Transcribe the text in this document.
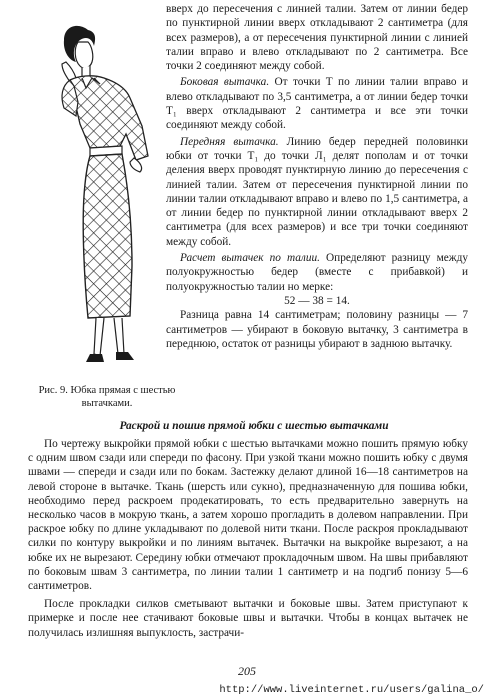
Рис. 9. Юбка прямая с шестью вытачками.

вверх до пересечения с линией талии. Затем от линии бедер по пунктирной линии вверх откладывают 2 сантиметра (для всех размеров), а от пересечения пунктирной линии с линией талии вправо и влево откладывают по 2 сантиметра. Все точки 2 соединяют между собой.

Боковая вытачка. От точки Т по линии талии вправо и влево откладывают по 3,5 сантиметра, а от линии бедер точки Т₁ вверх откладывают 2 сантиметра и все эти точки соединяют между собой.

Передняя вытачка. Линию бедер передней половинки юбки от точки Т₁ до точки Л₁ делят пополам и от точки деления вверх проводят пунктирную линию до пересечения с линией талии. Затем от пересечения пунктирной линии по линии талии откладывают вправо и влево по 1,5 сантиметра, а от линии бедер по пунктирной линии откладывают вверх 2 сантиметра (для всех размеров) и все три точки соединяют между собой.

Расчет вытачек по талии. Определяют разницу между полуокружностью бедер (вместе с прибавкой) и полуокружностью талии но мерке:

52 — 38 = 14.

Разница равна 14 сантиметрам; половину разницы — 7 сантиметров — убирают в боковую вытачку, 3 сантиметра в переднюю, остаток от разницы убирают в заднюю вытачку.

Раскрой и пошив прямой юбки с шестью вытачками

По чертежу выкройки прямой юбки с шестью вытачками можно пошить прямую юбку с одним швом сзади или спереди по фасону. При узкой ткани можно пошить юбку с двумя швами — спереди и сзади или по бокам. Застежку делают длиной 16—18 сантиметров на левой стороне в вытачке. Ткань (шерсть или сукно), предназначенную для пошива юбки, необходимо перед раскроем продекатировать, то есть предварительно завернуть на несколько часов в мокрую ткань, а затем хорошо прогладить в долевом направлении. При раскрое юбку по длине укладывают по долевой нити ткани. После раскроя прокладывают силки по контуру выкройки и по линиям вытачек. Вытачки на выкройке вырезают, а на юбке их не вырезают. Середину юбки отмечают прокладочным швом. На швы прибавляют по боковым швам 3 сантиметра, по линии талии 1 сантиметр и на подгиб понизу 5—6 сантиметров.

После прокладки силков сметывают вытачки и боковые швы. Затем приступают к примерке и после нее стачивают боковые швы и вытачки. Чтобы в концах вытачек не получилась излишняя выпуклость, застрачи-

205
http://www.liveinternet.ru/users/galina_o/
